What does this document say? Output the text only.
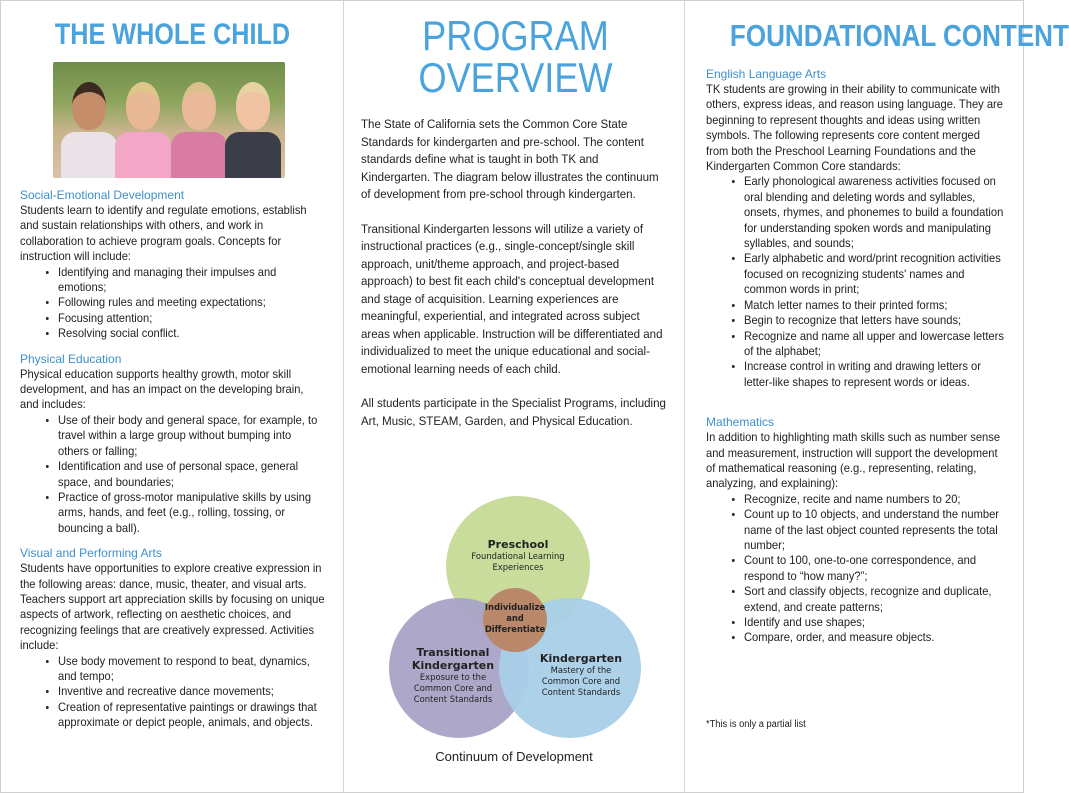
THE WHOLE CHILD

Social-Emotional Development

Students learn to identify and regulate emotions, establish and sustain relationships with others, and work in collaboration to achieve program goals. Concepts for instruction will include:

• Identifying and managing their impulses and emotions;
• Following rules and meeting expectations;
• Focusing attention;
• Resolving social conflict.

Physical Education

Physical education supports healthy growth, motor skill development, and has an impact on the developing brain, and includes:

• Use of their body and general space, for example, to travel within a large group without bumping into others or falling;
• Identification and use of personal space, general space, and boundaries;
• Practice of gross-motor manipulative skills by using arms, hands, and feet (e.g., rolling, tossing, or bouncing a ball).

Visual and Performing Arts

Students have opportunities to explore creative expression in the following areas: dance, music, theater, and visual arts. Teachers support art appreciation skills by focusing on unique aspects of artwork, reflecting on aesthetic choices, and recognizing feelings that are creatively expressed. Activities include:

• Use body movement to respond to beat, dynamics, and tempo;
• Inventive and recreative dance movements;
• Creation of representative paintings or drawings that approximate or depict people, animals, and objects.
PROGRAM
OVERVIEW

The State of California sets the Common Core State Standards for kindergarten and pre-school. The content standards define what is taught in both TK and Kindergarten. The diagram below illustrates the continuum of development from pre-school through kindergarten.

Transitional Kindergarten lessons will utilize a variety of instructional practices (e.g., single-concept/single skill approach, unit/theme approach, and project-based approach) to best fit each child's conceptual development and stage of acquisition. Learning experiences are meaningful, experiential, and integrated across subject areas when applicable. Instruction will be differentiated and individualized to meet the unique educational and social-emotional learning needs of each child.

All students participate in the Specialist Programs, including Art, Music, STEAM, Garden, and Physical Education.

Preschool
Foundational Learning
Experiences
Individualize
and
Differentiate
Transitional
Kindergarten
Exposure to the
Common Core and
Content Standards
Kindergarten
Mastery of the
Common Core and
Content Standards
Continuum of Development
FOUNDATIONAL CONTENT

English Language Arts

TK students are growing in their ability to communicate with others, express ideas, and reason using language. They are beginning to represent thoughts and ideas using written symbols. The following represents core content merged from both the Preschool Learning Foundations and the Kindergarten Common Core standards:

• Early phonological awareness activities focused on oral blending and deleting words and syllables, onsets, rhymes, and phonemes to build a foundation for understanding spoken words and manipulating syllables, and sounds;
• Early alphabetic and word/print recognition activities focused on recognizing students' names and common words in print;
• Match letter names to their printed forms;
• Begin to recognize that letters have sounds;
• Recognize and name all upper and lowercase letters of the alphabet;
• Increase control in writing and drawing letters or letter-like shapes to represent words or ideas.

Mathematics

In addition to highlighting math skills such as number sense and measurement, instruction will support the development of mathematical reasoning (e.g., representing, relating, analyzing, and explaining):

• Recognize, recite and name numbers to 20;
• Count up to 10 objects, and understand the number name of the last object counted represents the total number;
• Count to 100, one-to-one correspondence, and respond to “how many?”;
• Sort and classify objects, recognize and duplicate, extend, and create patterns;
• Identify and use shapes;
• Compare, order, and measure objects.
*This is only a partial list
